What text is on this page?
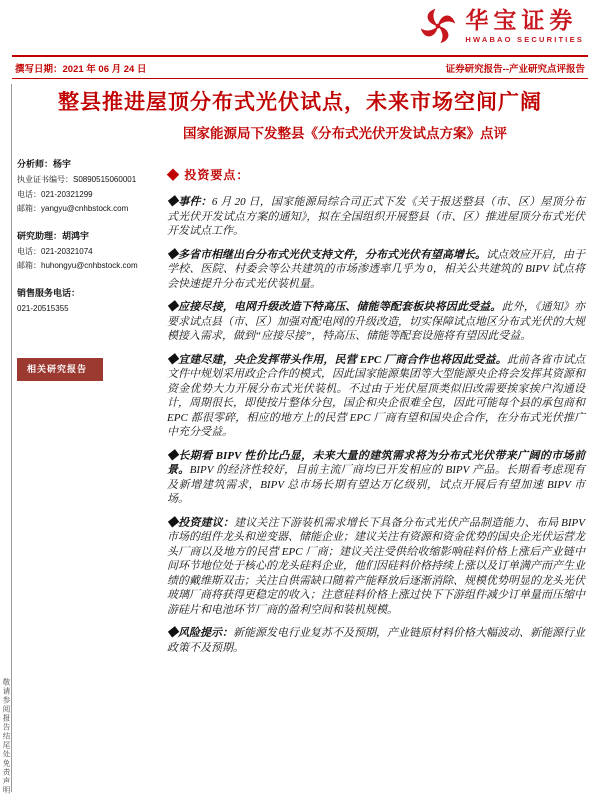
华宝证券
HWABAO SECURITIES
撰写日期：2021 年 06 月 24 日	证券研究报告--产业研究点评报告
整县推进屋顶分布式光伏试点，未来市场空间广阔
国家能源局下发整县《分布式光伏开发试点方案》点评
分析师：杨宇
执业证书编号：S0890515060001
电话：021-20321299
邮箱：yangyu@cnhbstock.com
研究助理：胡鸿宇
电话：021-20321074
邮箱：huhongyu@cnhbstock.com
销售服务电话：
021-20515355
相关研究报告
◆ 投资要点：

◆事件：6 月 20 日，国家能源局综合司正式下发《关于报送整县（市、区）屋顶分布式光伏开发试点方案的通知》，拟在全国组织开展整县（市、区）推进屋顶分布式光伏开发试点工作。

◆多省市相继出台分布式光伏支持文件，分布式光伏有望高增长。试点效应开启，由于学校、医院、村委会等公共建筑的市场渗透率几乎为 0，相关公共建筑的 BIPV 试点将会快速提升分布式光伏装机量。

◆应接尽接，电网升级改造下特高压、储能等配套板块将因此受益。此外，《通知》亦要求试点县（市、区）加强对配电网的升级改造，切实保障试点地区分布式光伏的大规模接入需求，做到“应接尽接”，特高压、储能等配套设施将有望因此受益。

◆宜建尽建，央企发挥带头作用，民营 EPC 厂商合作也将因此受益。此前各省市试点文件中规划采用政企合作的模式，因此国家能源集团等大型能源央企将会发挥其资源和资金优势大力开展分布式光伏装机。不过由于光伏屋顶类似旧改需要挨家挨户沟通设计，周期很长，即使按片整体分包，国企和央企很难全包，因此可能每个县的承包商和 EPC 都很零碎，相应的地方上的民营 EPC 厂商有望和国央企合作，在分布式光伏推广中充分受益。

◆长期看 BIPV 性价比凸显，未来大量的建筑需求将为分布式光伏带来广阔的市场前景。BIPV 的经济性较好，目前主流厂商均已开发相应的 BIPV 产品。长期看考虑现有及新增建筑需求，BIPV 总市场长期有望达万亿级别，试点开展后有望加速 BIPV 市场。

◆投资建议：建议关注下游装机需求增长下具备分布式光伏产品制造能力、布局 BIPV 市场的组件龙头和逆变器、储能企业；建议关注有资源和资金优势的国央企光伏运营龙头厂商以及地方的民营 EPC 厂商；建议关注受供给收缩影响硅料价格上涨后产业链中间环节地位处于核心的龙头硅料企业，他们因硅料价格持续上涨以及订单满产而产生业绩的戴维斯双击；关注自供需缺口随着产能释放后逐渐消除、规模优势明显的龙头光伏玻璃厂商将获得更稳定的收入；注意硅料价格上涨过快下下游组件减少订单量而压缩中游硅片和电池环节厂商的盈利空间和装机规模。

◆风险提示：新能源发电行业复苏不及预期，产业链原材料价格大幅波动、新能源行业政策不及预期。

敬请参阅报告结尾处免责声明
